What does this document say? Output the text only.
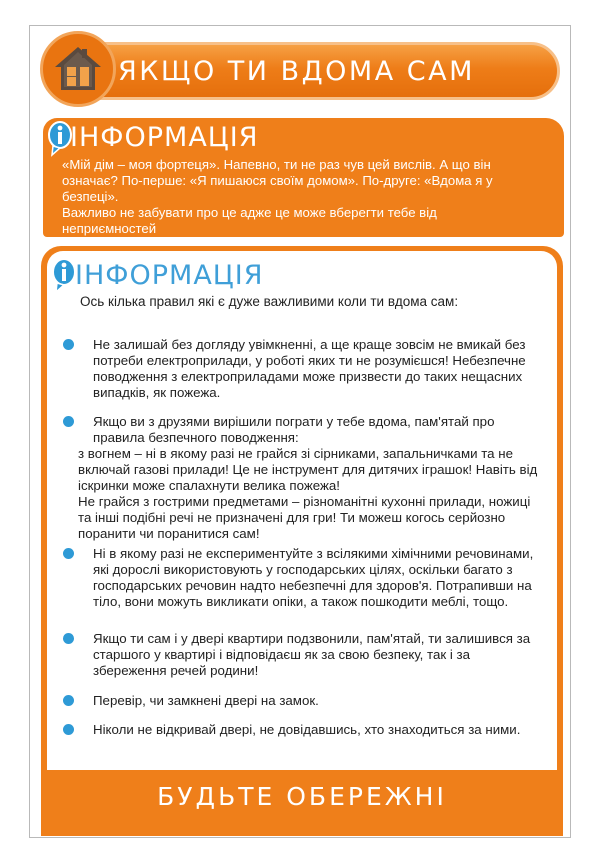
ЯКЩО ТИ ВДОМА САМ
ІНФОРМАЦІЯ

«Мій дім – моя фортеця». Напевно, ти не раз чув цей вислів. А що він означає? По-перше: «Я пишаюся своїм домом». По-друге: «Вдома я у безпеці».

Важливо не забувати про це адже це може вберегти тебе від неприємностей

ІНФОРМАЦІЯ
Ось кілька правил які є дуже важливими коли ти вдома сам:

Не залишай без догляду увімкненні, а ще краще зовсім не вмикай без потреби електроприлади, у роботі яких ти не розумієшся! Небезпечне поводження з електроприладами може призвести до таких нещасних випадків, як пожежа.

Якщо ви з друзями вирішили пограти у тебе вдома, пам'ятай про правила безпечного поводження:

з вогнем – ні в якому разі не грайся зі сірниками, запальничками та не включай газові прилади! Це не інструмент для дитячих іграшок! Навіть від іскринки може спалахнути велика пожежа!

Не грайся з гострими предметами – різноманітні кухонні прилади, ножиці та інші подібні речі не призначені для гри! Ти можеш когось серйозно поранити чи поранитися сам!

Ні в якому разі не експериментуйте з всілякими хімічними речовинами, які дорослі використовують у господарських цілях, оскільки багато з господарських речовин надто небезпечні для здоров'я. Потрапивши на тіло, вони можуть викликати опіки, а також пошкодити меблі, тощо.

Якщо ти сам і у двері квартири подзвонили, пам'ятай, ти залишився за старшого у квартирі і відповідаєш як за свою безпеку, так і за збереження речей родини!

Перевір, чи замкнені двері на замок.

Ніколи не відкривай двері, не довідавшись, хто знаходиться за ними.

БУДЬТЕ ОБЕРЕЖНІ
